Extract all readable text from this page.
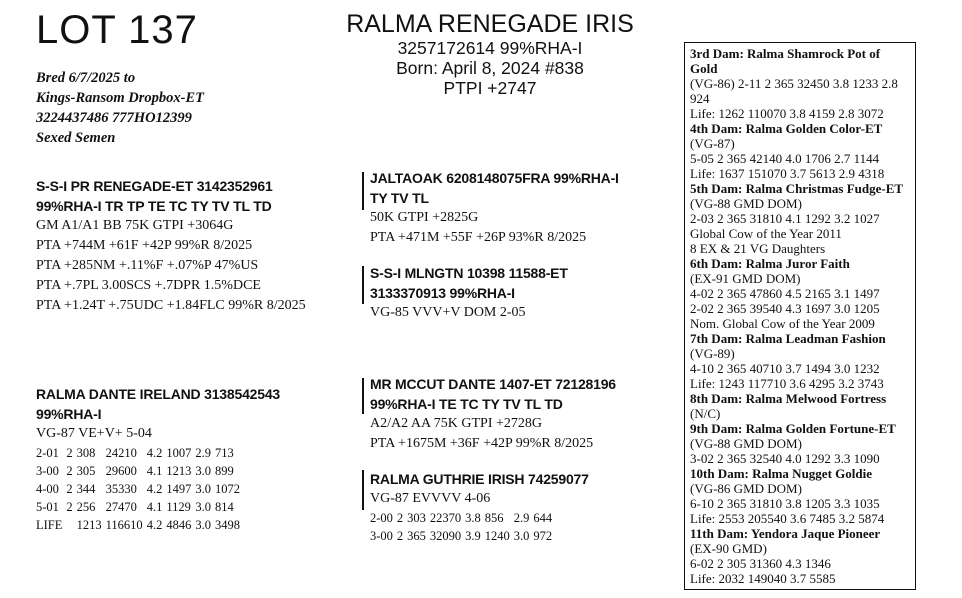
LOT 137
Bred 6/7/2025 to
Kings-Ransom Dropbox-ET
3224437486 777HO12399
Sexed Semen
RALMA RENEGADE IRIS
3257172614 99%RHA-I
Born: April 8, 2024 #838
PTPI +2747
S-S-I PR RENEGADE-ET 3142352961
99%RHA-I TR TP TE TC TY TV TL TD
GM A1/A1 BB 75K GTPI +3064G
PTA +744M +61F +42P 99%R 8/2025
PTA +285NM +.11%F +.07%P 47%US
PTA +.7PL 3.00SCS +.7DPR 1.5%DCE
PTA +1.24T +.75UDC +1.84FLC 99%R 8/2025
RALMA DANTE IRELAND 3138542543
99%RHA-I
VG-87 VE+V+ 5-04
2-01	2	308	24210	4.2	1007	2.9	713
3-00	2	305	29600	4.1	1213	3.0	899
4-00	2	344	35330	4.2	1497	3.0	1072
5-01	2	256	27470	4.1	1129	3.0	814
LIFE		1213	116610	4.2	4846	3.0	3498
JALTAOAK 6208148075FRA 99%RHA-I
TY TV TL
50K GTPI +2825G
PTA +471M +55F +26P 93%R 8/2025
S-S-I MLNGTN 10398 11588-ET
3133370913 99%RHA-I
VG-85 VVV+V DOM 2-05
MR MCCUT DANTE 1407-ET 72128196
99%RHA-I TE TC TY TV TL TD
A2/A2 AA 75K GTPI +2728G
PTA +1675M +36F +42P 99%R 8/2025
RALMA GUTHRIE IRISH 74259077
VG-87 EVVVV 4-06
2-00	2	303	22370	3.8	856	2.9	644
3-00	2	365	32090	3.9	1240	3.0	972
3rd Dam: Ralma Shamrock Pot of Gold
(VG-86) 2-11 2 365 32450 3.8 1233 2.8 924
Life: 1262 110070 3.8 4159 2.8 3072
4th Dam: Ralma Golden Color-ET
(VG-87)
5-05 2 365 42140 4.0 1706 2.7 1144
Life: 1637 151070 3.7 5613 2.9 4318
5th Dam: Ralma Christmas Fudge-ET
(VG-88 GMD DOM)
2-03 2 365 31810 4.1 1292 3.2 1027
Global Cow of the Year 2011
8 EX & 21 VG Daughters
6th Dam: Ralma Juror Faith
(EX-91 GMD DOM)
4-02 2 365 47860 4.5 2165 3.1 1497
2-02 2 365 39540 4.3 1697 3.0 1205
Nom. Global Cow of the Year 2009
7th Dam: Ralma Leadman Fashion
(VG-89)
4-10 2 365 40710 3.7 1494 3.0 1232
Life: 1243 117710 3.6 4295 3.2 3743
8th Dam: Ralma Melwood Fortress
(N/C)
9th Dam: Ralma Golden Fortune-ET
(VG-88 GMD DOM)
3-02 2 365 32540 4.0 1292 3.3 1090
10th Dam: Ralma Nugget Goldie
(VG-86 GMD DOM)
6-10 2 365 31810 3.8 1205 3.3 1035
Life: 2553 205540 3.6 7485 3.2 5874
11th Dam: Yendora Jaque Pioneer
(EX-90 GMD)
6-02 2 305 31360 4.3 1346
Life: 2032 149040 3.7 5585
